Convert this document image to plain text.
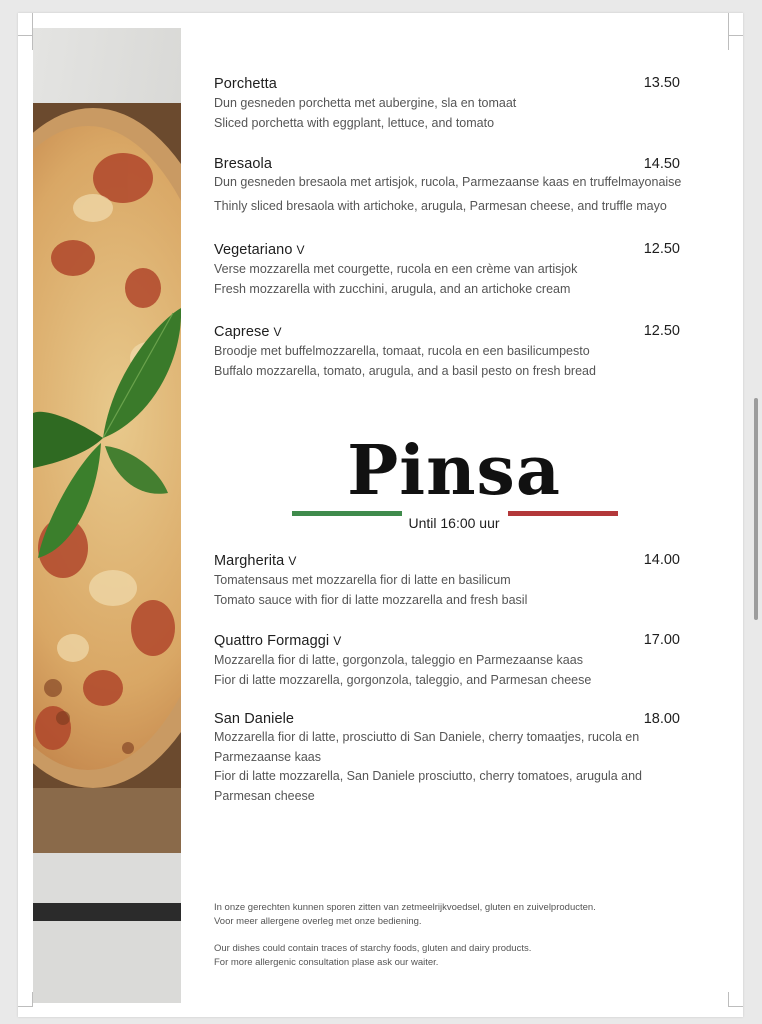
Porchetta	13.50
Dun gesneden porchetta met aubergine, sla en tomaat
Sliced porchetta with eggplant, lettuce, and tomato
Bresaola	14.50
Dun gesneden bresaola met artisjok, rucola, Parmezaanse kaas en truffelmayonaise
Thinly sliced bresaola with artichoke, arugula, Parmesan cheese, and truffle mayo
Vegetariano V	12.50
Verse mozzarella met courgette, rucola en een crème van artisjok
Fresh mozzarella with zucchini, arugula, and an artichoke cream
Caprese V	12.50
Broodje met buffelmozzarella, tomaat, rucola en een basilicumpesto
Buffalo mozzarella, tomato, arugula, and a basil pesto on fresh bread
Pinsa
Until 16:00 uur
Margherita V	14.00
Tomatensaus met mozzarella fior di latte en basilicum
Tomato sauce with fior di latte mozzarella and fresh basil
Quattro Formaggi V	17.00
Mozzarella fior di latte, gorgonzola, taleggio en Parmezaanse kaas
Fior di latte mozzarella, gorgonzola, taleggio, and Parmesan cheese
San Daniele	18.00
Mozzarella fior di latte, prosciutto di San Daniele, cherry tomaatjes, rucola en
Parmezaanse kaas
Fior di latte mozzarella, San Daniele prosciutto, cherry tomatoes, arugula and
Parmesan cheese
In onze gerechten kunnen sporen zitten van zetmeelrijkvoedsel, gluten en zuivelproducten.
Voor meer allergene overleg met onze bediening.
Our dishes could contain traces of starchy foods, gluten and dairy products.
For more allergenic consultation plase ask our waiter.
